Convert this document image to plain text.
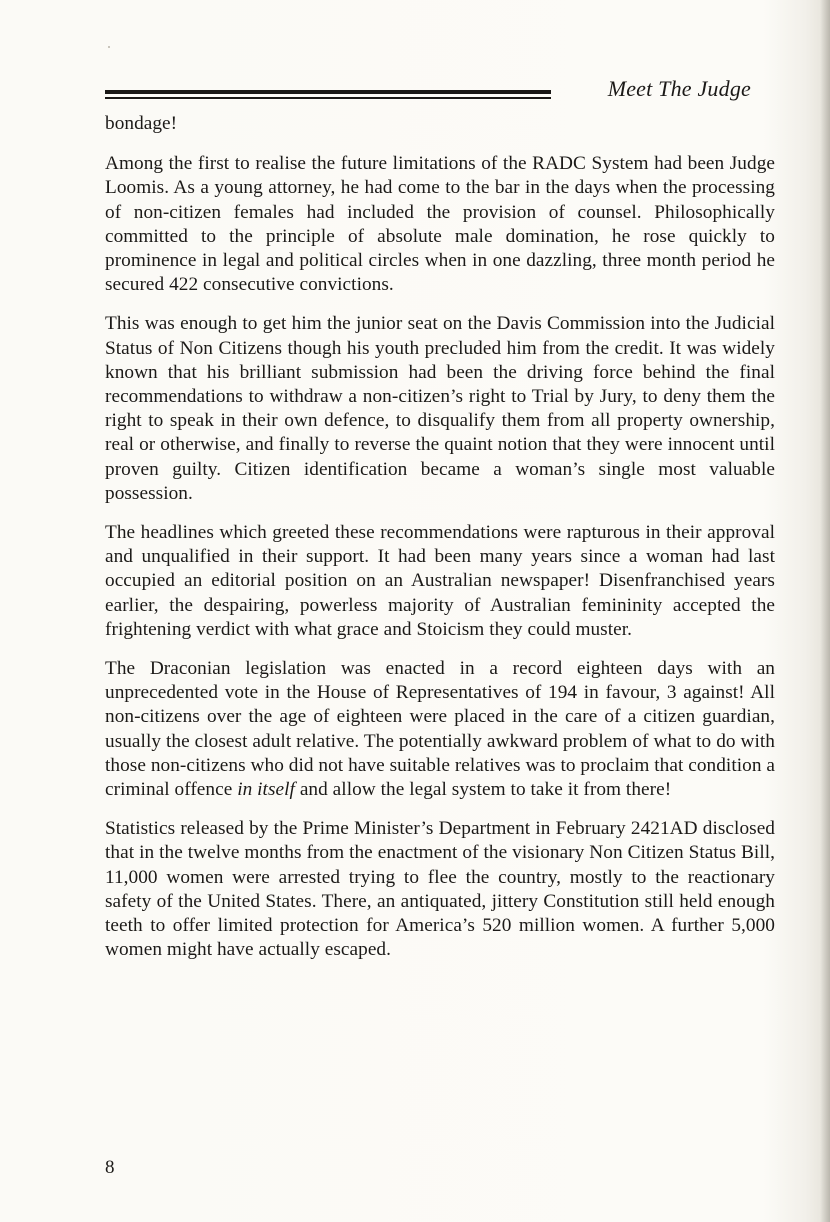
Meet The Judge

bondage!

Among the first to realise the future limitations of the RADC System had been Judge Loomis. As a young attorney, he had come to the bar in the days when the processing of non-citizen females had included the provision of counsel. Philosophically committed to the principle of absolute male domination, he rose quickly to prominence in legal and political circles when in one dazzling, three month period he secured 422 consecutive convictions.

This was enough to get him the junior seat on the Davis Commission into the Judicial Status of Non Citizens though his youth precluded him from the credit. It was widely known that his brilliant submission had been the driving force behind the final recommendations to withdraw a non-citizen’s right to Trial by Jury, to deny them the right to speak in their own defence, to disqualify them from all property ownership, real or otherwise, and finally to reverse the quaint notion that they were innocent until proven guilty. Citizen identification became a woman’s single most valuable possession.

The headlines which greeted these recommendations were rapturous in their approval and unqualified in their support. It had been many years since a woman had last occupied an editorial position on an Australian newspaper! Disenfranchised years earlier, the despairing, powerless majority of Australian femininity accepted the frightening verdict with what grace and Stoicism they could muster.

The Draconian legislation was enacted in a record eighteen days with an unprecedented vote in the House of Representatives of 194 in favour, 3 against! All non-citizens over the age of eighteen were placed in the care of a citizen guardian, usually the closest adult relative. The potentially awkward problem of what to do with those non-citizens who did not have suitable relatives was to proclaim that condition a criminal offence in itself and allow the legal system to take it from there!

Statistics released by the Prime Minister’s Department in February 2421AD disclosed that in the twelve months from the enactment of the visionary Non Citizen Status Bill, 11,000 women were arrested trying to flee the country, mostly to the reactionary safety of the United States. There, an antiquated, jittery Constitution still held enough teeth to offer limited protection for America’s 520 million women. A further 5,000 women might have actually escaped.

8
